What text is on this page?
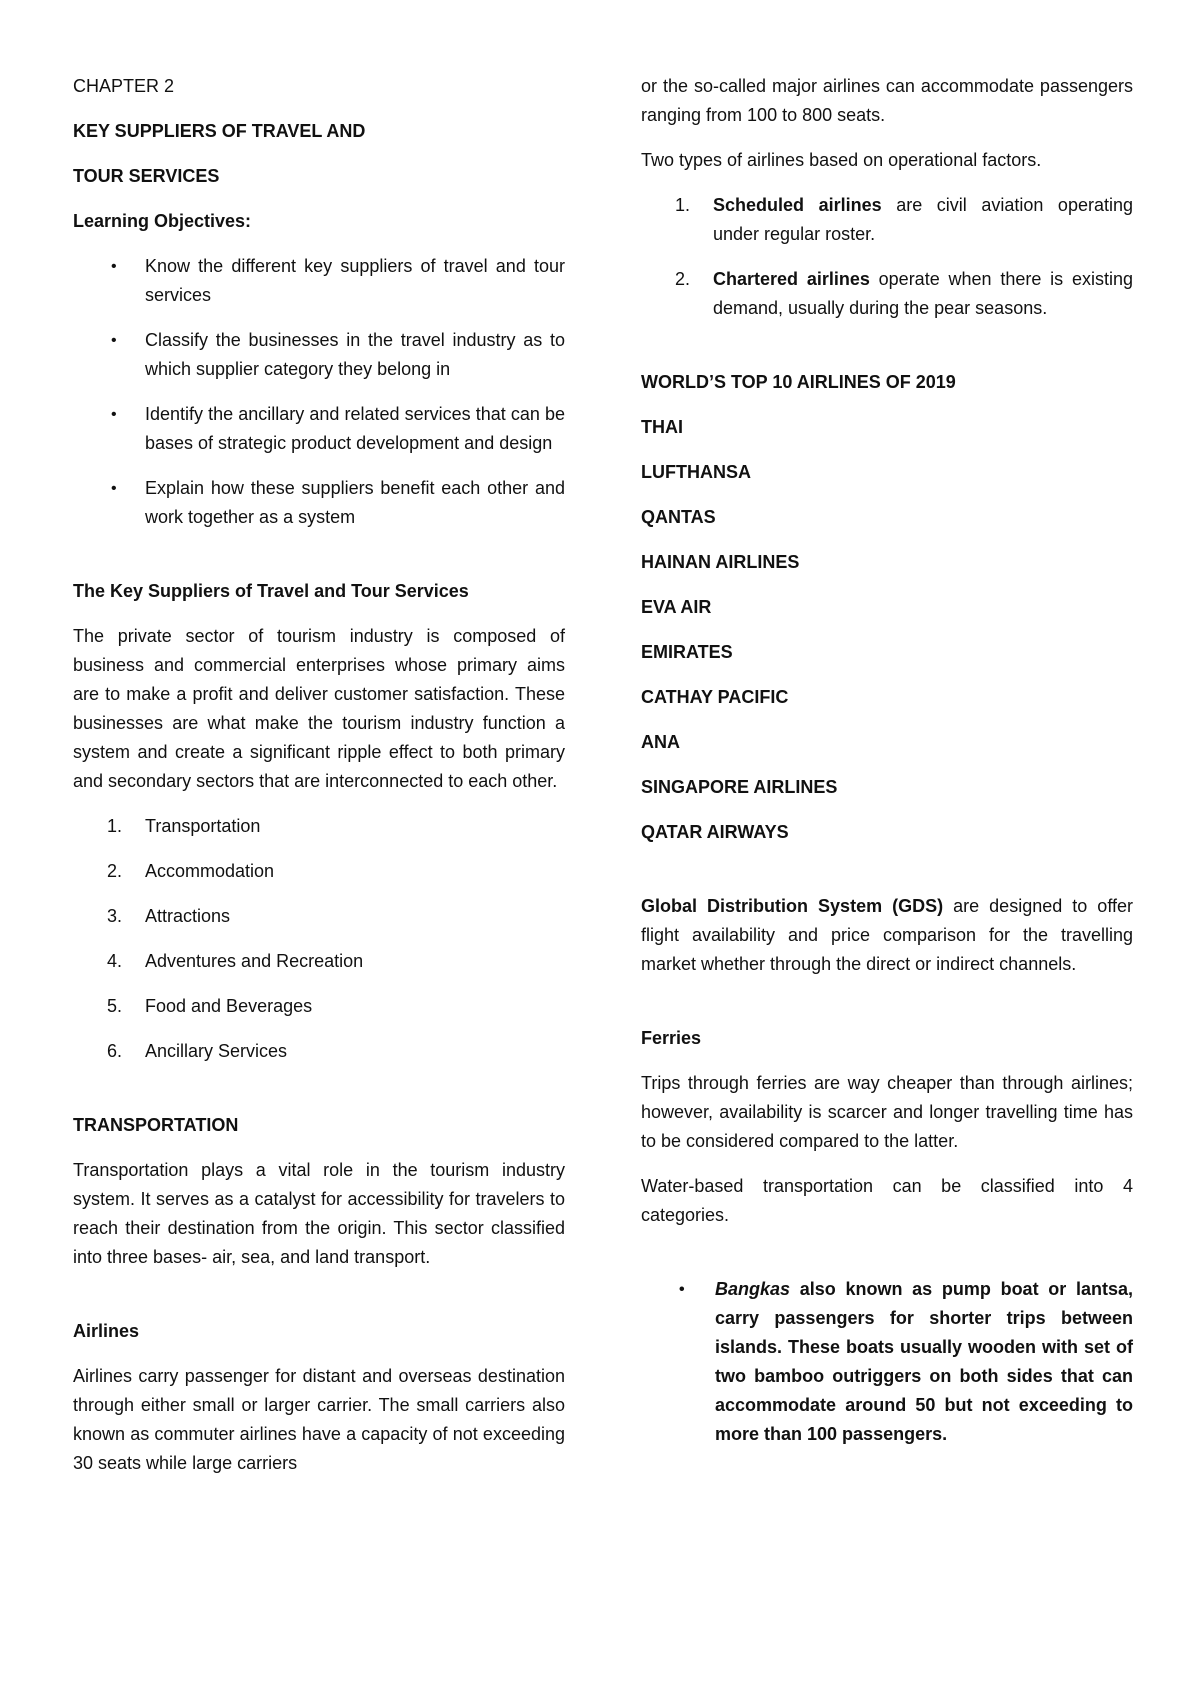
CHAPTER 2

KEY SUPPLIERS OF TRAVEL AND

TOUR SERVICES

Learning Objectives:

• Know the different key suppliers of travel and tour services
• Classify the businesses in the travel industry as to which supplier category they belong in
• Identify the ancillary and related services that can be bases of strategic product development and design
• Explain how these suppliers benefit each other and work together as a system

The Key Suppliers of Travel and Tour Services

The private sector of tourism industry is composed of business and commercial enterprises whose primary aims are to make a profit and deliver customer satisfaction. These businesses are what make the tourism industry function a system and create a significant ripple effect to both primary and secondary sectors that are interconnected to each other.

1. Transportation
2. Accommodation
3. Attractions
4. Adventures and Recreation
5. Food and Beverages
6. Ancillary Services

TRANSPORTATION

Transportation plays a vital role in the tourism industry system. It serves as a catalyst for accessibility for travelers to reach their destination from the origin. This sector classified into three bases- air, sea, and land transport.

Airlines

Airlines carry passenger for distant and overseas destination through either small or larger carrier. The small carriers also known as commuter airlines have a capacity of not exceeding 30 seats while large carriers

or the so-called major airlines can accommodate passengers ranging from 100 to 800 seats.

Two types of airlines based on operational factors.

1. Scheduled airlines are civil aviation operating under regular roster.
2. Chartered airlines operate when there is existing demand, usually during the pear seasons.

WORLD’S TOP 10 AIRLINES OF 2019

THAI

LUFTHANSA

QANTAS

HAINAN AIRLINES

EVA AIR

EMIRATES

CATHAY PACIFIC

ANA

SINGAPORE AIRLINES

QATAR AIRWAYS

Global Distribution System (GDS) are designed to offer flight availability and price comparison for the travelling market whether through the direct or indirect channels.

Ferries

Trips through ferries are way cheaper than through airlines; however, availability is scarcer and longer travelling time has to be considered compared to the latter.

Water-based transportation can be classified into 4 categories.

• Bangkas also known as pump boat or lantsa, carry passengers for shorter trips between islands. These boats usually wooden with set of two bamboo outriggers on both sides that can accommodate around 50 but not exceeding to more than 100 passengers.
